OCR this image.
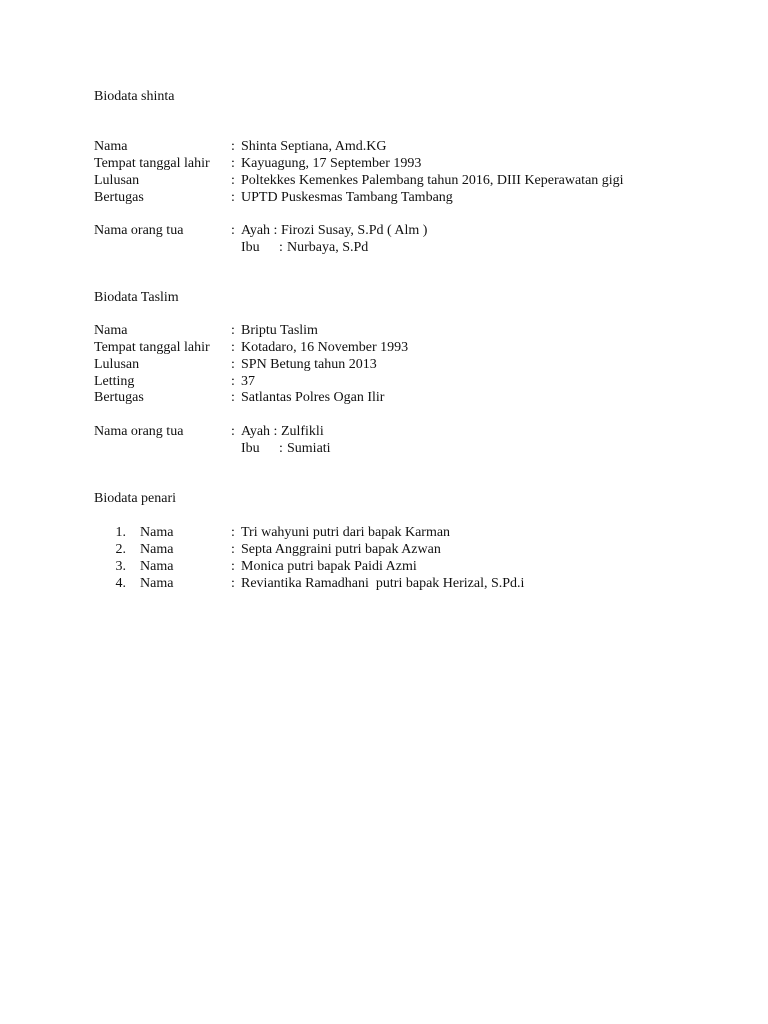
Biodata shinta
Nama	: Shinta Septiana, Amd.KG
Tempat tanggal lahir : Kayuagung, 17 September 1993
Lulusan	: Poltekkes Kemenkes Palembang tahun 2016, DIII Keperawatan gigi
Bertugas	: UPTD Puskesmas Tambang Tambang
Nama orang tua	: Ayah : Firozi Susay, S.Pd ( Alm )
Ibu : Nurbaya, S.Pd
Biodata Taslim
Nama	: Briptu Taslim
Tempat tanggal lahir : Kotadaro, 16 November 1993
Lulusan	: SPN Betung tahun 2013
Letting	: 37
Bertugas	: Satlantas Polres Ogan Ilir
Nama orang tua	: Ayah : Zulfikli
Ibu : Sumiati
Biodata penari
1. Nama	: Tri wahyuni putri dari bapak Karman
2. Nama	: Septa Anggraini putri bapak Azwan
3. Nama	: Monica putri bapak Paidi Azmi
4. Nama	: Reviantika Ramadhani  putri bapak Herizal, S.Pd.i
